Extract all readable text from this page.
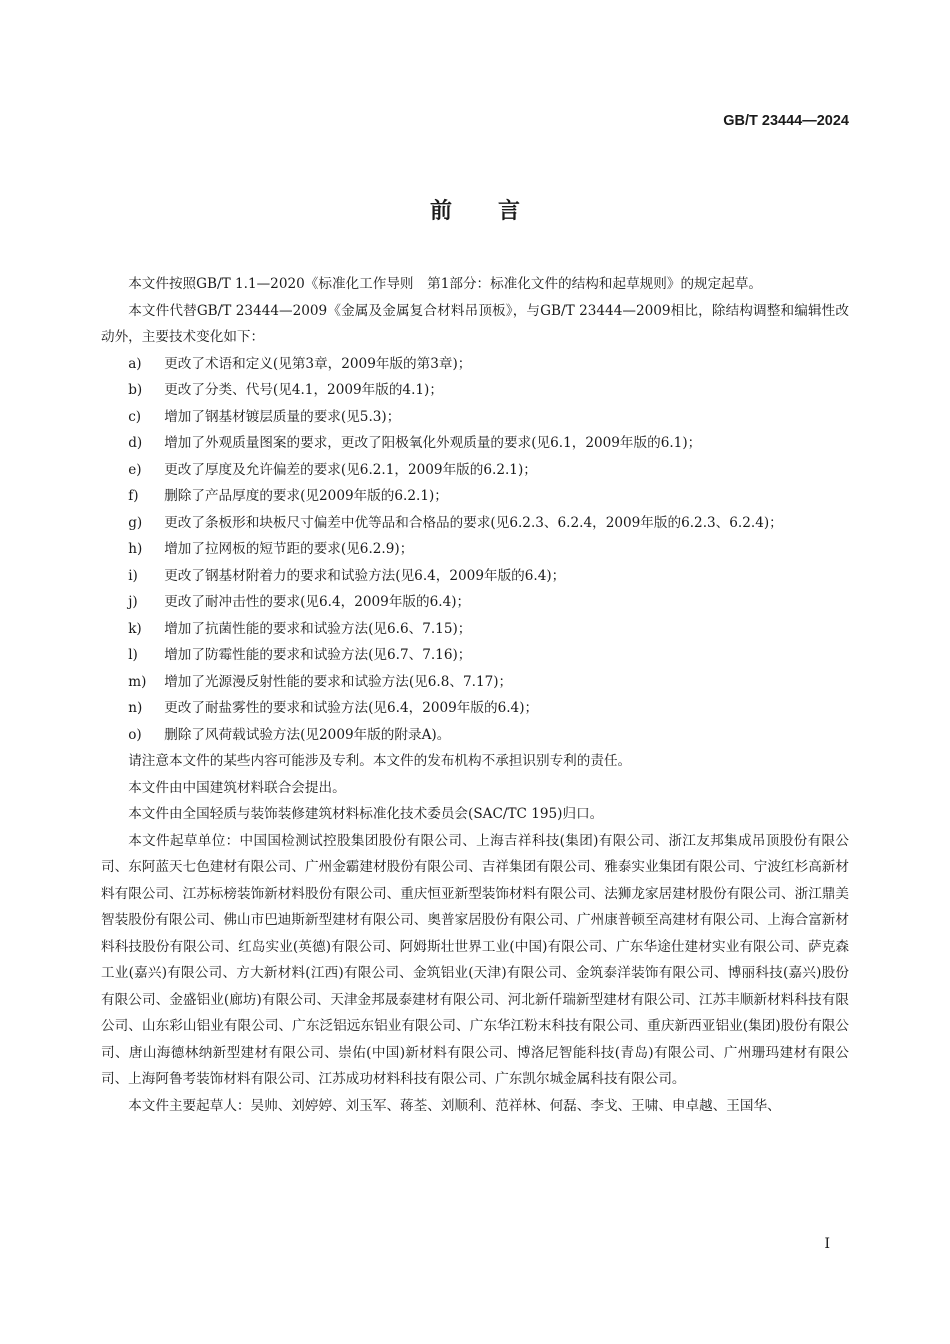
GB/T 23444—2024
前言

本文件按照GB/T 1.1—2020《标准化工作导则　第1部分：标准化文件的结构和起草规则》的规定起草。

本文件代替GB/T 23444—2009《金属及金属复合材料吊顶板》，与GB/T 23444—2009相比，除结构调整和编辑性改动外，主要技术变化如下：

a)	更改了术语和定义(见第3章，2009年版的第3章)；
b)	更改了分类、代号(见4.1，2009年版的4.1)；
c)	增加了钢基材镀层质量的要求(见5.3)；
d)	增加了外观质量图案的要求，更改了阳极氧化外观质量的要求(见6.1，2009年版的6.1)；
e)	更改了厚度及允许偏差的要求(见6.2.1，2009年版的6.2.1)；
f)	删除了产品厚度的要求(见2009年版的6.2.1)；
g)	更改了条板形和块板尺寸偏差中优等品和合格品的要求(见6.2.3、6.2.4，2009年版的6.2.3、6.2.4)；
h)	增加了拉网板的短节距的要求(见6.2.9)；
i)	更改了钢基材附着力的要求和试验方法(见6.4，2009年版的6.4)；
j)	更改了耐冲击性的要求(见6.4，2009年版的6.4)；
k)	增加了抗菌性能的要求和试验方法(见6.6、7.15)；
l)	增加了防霉性能的要求和试验方法(见6.7、7.16)；
m)	增加了光源漫反射性能的要求和试验方法(见6.8、7.17)；
n)	更改了耐盐雾性的要求和试验方法(见6.4，2009年版的6.4)；
o)	删除了风荷载试验方法(见2009年版的附录A)。

请注意本文件的某些内容可能涉及专利。本文件的发布机构不承担识别专利的责任。

本文件由中国建筑材料联合会提出。

本文件由全国轻质与装饰装修建筑材料标准化技术委员会(SAC/TC 195)归口。

本文件起草单位：中国国检测试控股集团股份有限公司、上海吉祥科技(集团)有限公司、浙江友邦集成吊顶股份有限公司、东阿蓝天七色建材有限公司、广州金霸建材股份有限公司、吉祥集团有限公司、雅泰实业集团有限公司、宁波红杉高新材料有限公司、江苏标榜装饰新材料股份有限公司、重庆恒亚新型装饰材料有限公司、法狮龙家居建材股份有限公司、浙江鼎美智装股份有限公司、佛山市巴迪斯新型建材有限公司、奥普家居股份有限公司、广州康普顿至高建材有限公司、上海合富新材料科技股份有限公司、红岛实业(英德)有限公司、阿姆斯壮世界工业(中国)有限公司、广东华途仕建材实业有限公司、萨克森工业(嘉兴)有限公司、方大新材料(江西)有限公司、金筑铝业(天津)有限公司、金筑泰洋装饰有限公司、博丽科技(嘉兴)股份有限公司、金盛铝业(廊坊)有限公司、天津金邦晟泰建材有限公司、河北新仟瑞新型建材有限公司、江苏丰顺新材料科技有限公司、山东彩山铝业有限公司、广东泛铝远东铝业有限公司、广东华江粉末科技有限公司、重庆新西亚铝业(集团)股份有限公司、唐山海德林纳新型建材有限公司、崇佑(中国)新材料有限公司、博洛尼智能科技(青岛)有限公司、广州珊玛建材有限公司、上海阿鲁考装饰材料有限公司、江苏成功材料科技有限公司、广东凯尔城金属科技有限公司。

本文件主要起草人：吴帅、刘婷婷、刘玉军、蒋荃、刘顺利、范祥林、何磊、李戈、王啸、申卓越、王国华、

I
